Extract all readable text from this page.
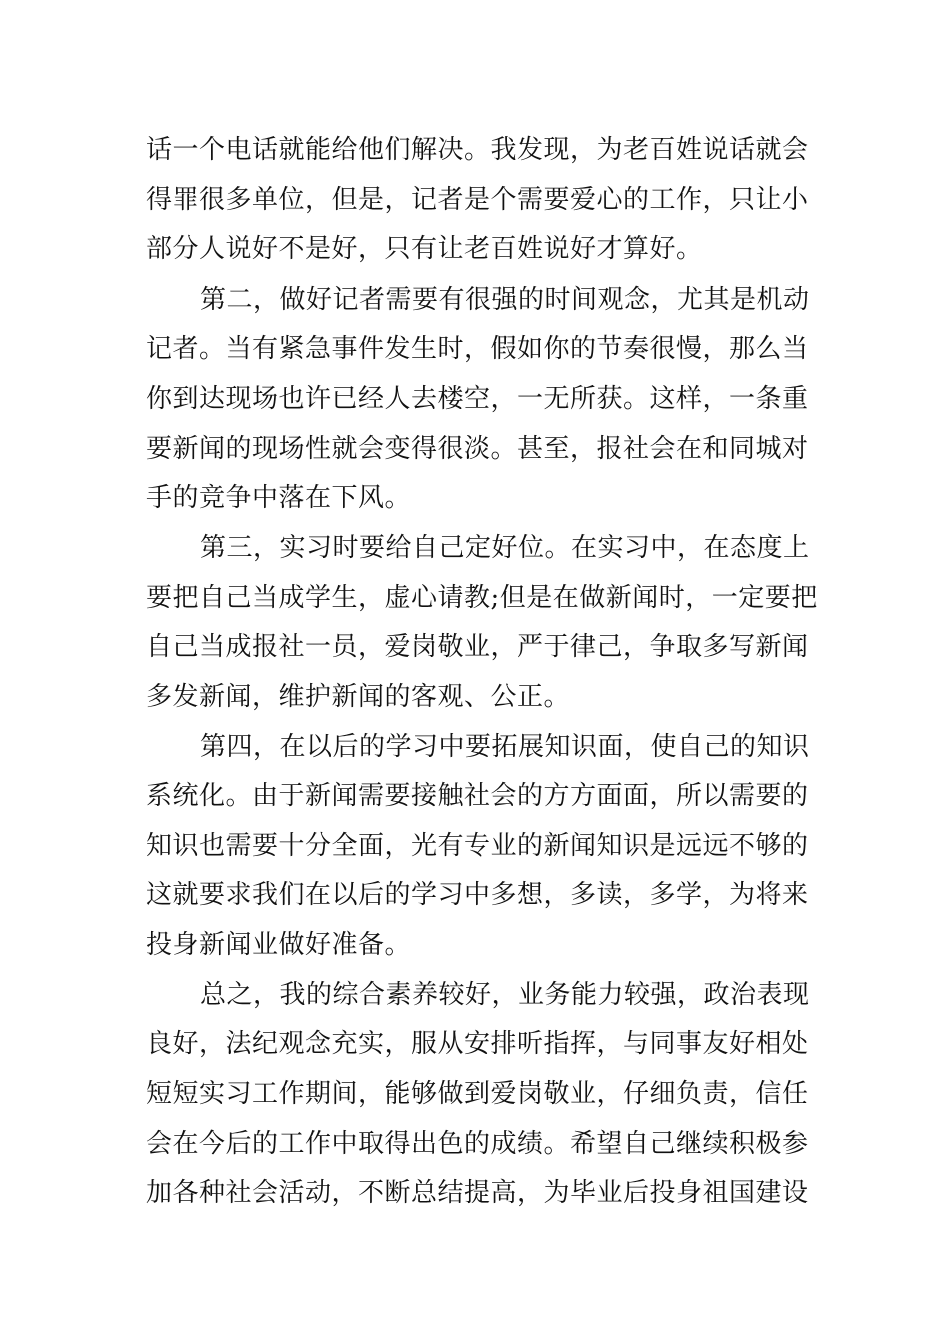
话一个电话就能给他们解决。我发现，为老百姓说话就会
得罪很多单位，但是，记者是个需要爱心的工作，只让小
部分人说好不是好，只有让老百姓说好才算好。
第二，做好记者需要有很强的时间观念，尤其是机动
记者。当有紧急事件发生时，假如你的节奏很慢，那么当
你到达现场也许已经人去楼空，一无所获。这样，一条重
要新闻的现场性就会变得很淡。甚至，报社会在和同城对
手的竞争中落在下风。
第三，实习时要给自己定好位。在实习中，在态度上
要把自己当成学生，虚心请教;但是在做新闻时，一定要把
自己当成报社一员，爱岗敬业，严于律己，争取多写新闻
多发新闻，维护新闻的客观、公正。
第四，在以后的学习中要拓展知识面，使自己的知识
系统化。由于新闻需要接触社会的方方面面，所以需要的
知识也需要十分全面，光有专业的新闻知识是远远不够的
这就要求我们在以后的学习中多想，多读，多学，为将来
投身新闻业做好准备。
总之，我的综合素养较好，业务能力较强，政治表现
良好，法纪观念充实，服从安排听指挥，与同事友好相处
短短实习工作期间，能够做到爱岗敬业，仔细负责，信任
会在今后的工作中取得出色的成绩。希望自己继续积极参
加各种社会活动，不断总结提高，为毕业后投身祖国建设
